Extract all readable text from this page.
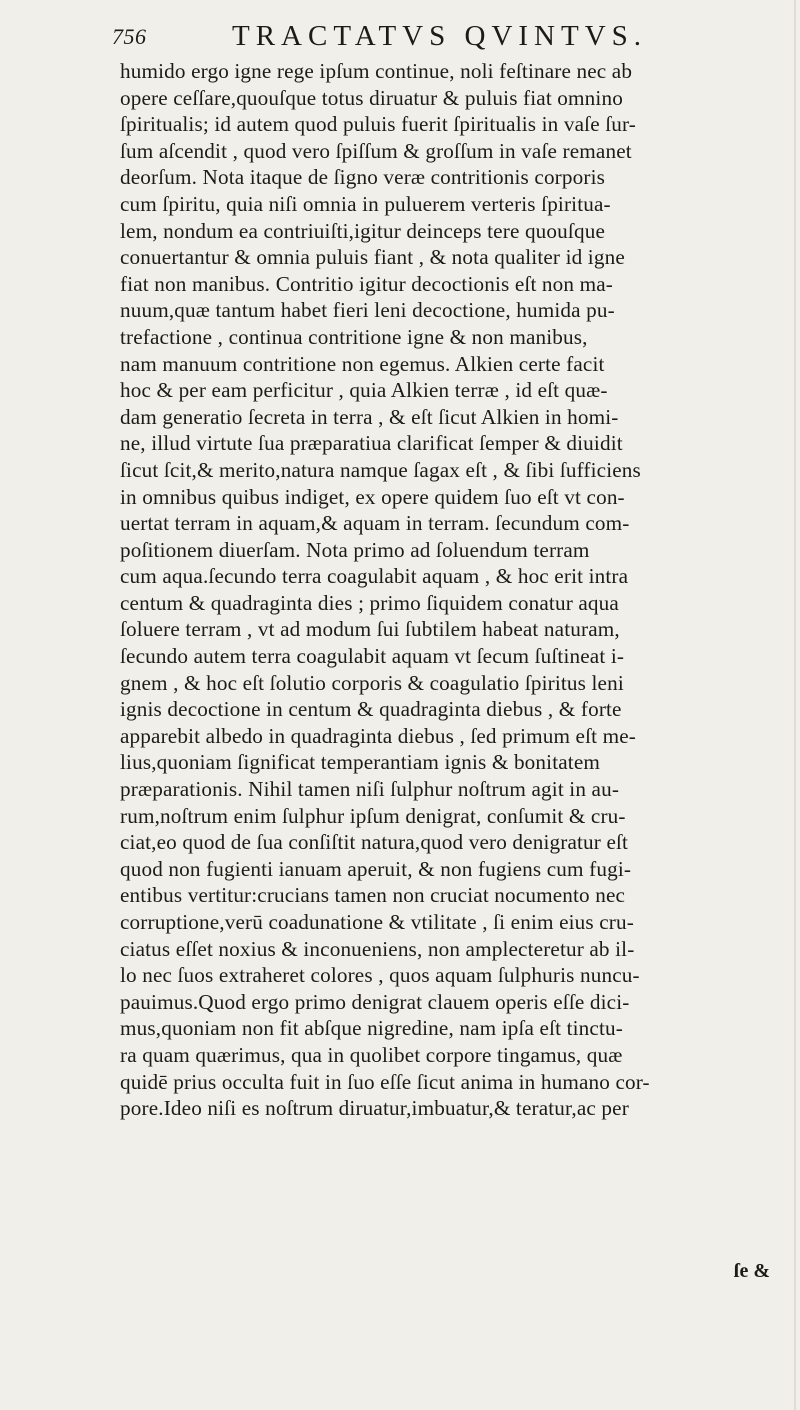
756	TRACTATVS QVINTVS.
humido ergo igne rege ipſum continue, noli feſtinare nec ab
opere ceſſare,quouſque totus diruatur & puluis fiat omnino
ſpiritualis; id autem quod puluis fuerit ſpiritualis in vaſe ſur-
ſum aſcendit , quod vero ſpiſſum & groſſum in vaſe remanet
deorſum. Nota itaque de ſigno veræ contritionis corporis
cum ſpiritu, quia niſi omnia in puluerem verteris ſpiritua-
lem, nondum ea contriuiſti,igitur deinceps tere quouſque
conuertantur & omnia puluis fiant , & nota qualiter id igne
fiat non manibus. Contritio igitur decoctionis eſt non ma-
nuum,quæ tantum habet fieri leni decoctione, humida pu-
trefactione , continua contritione igne & non manibus,
nam manuum contritione non egemus. Alkien certe facit
hoc & per eam perficitur , quia Alkien terræ , id eſt quæ-
dam generatio ſecreta in terra , & eſt ſicut Alkien in homi-
ne, illud virtute ſua præparatiua clarificat ſemper & diuidit
ſicut ſcit,& merito,natura namque ſagax eſt , & ſibi ſufficiens
in omnibus quibus indiget, ex opere quidem ſuo eſt vt con-
uertat terram in aquam,& aquam in terram. ſecundum com-
poſitionem diuerſam. Nota primo ad ſoluendum terram
cum aqua.ſecundo terra coagulabit aquam , & hoc erit intra
centum & quadraginta dies ; primo ſiquidem conatur aqua
ſoluere terram , vt ad modum ſui ſubtilem habeat naturam,
ſecundo autem terra coagulabit aquam vt ſecum ſuſtineat i-
gnem , & hoc eſt ſolutio corporis & coagulatio ſpiritus leni
ignis decoctione in centum & quadraginta diebus , & forte
apparebit albedo in quadraginta diebus , ſed primum eſt me-
lius,quoniam ſignificat temperantiam ignis & bonitatem
præparationis. Nihil tamen niſi ſulphur noſtrum agit in au-
rum,noſtrum enim ſulphur ipſum denigrat, conſumit & cru-
ciat,eo quod de ſua conſiſtit natura,quod vero denigratur eſt
quod non fugienti ianuam aperuit, & non fugiens cum fugi-
entibus vertitur:crucians tamen non cruciat nocumento nec
corruptione,verū coadunatione & vtilitate , ſi enim eius cru-
ciatus eſſet noxius & inconueniens, non amplecteretur ab il-
lo nec ſuos extraheret colores , quos aquam ſulphuris nuncu-
pauimus.Quod ergo primo denigrat clauem operis eſſe dici-
mus,quoniam non fit abſque nigredine, nam ipſa eſt tinctu-
ra quam quærimus, qua in quolibet corpore tingamus, quæ
quidē prius occulta fuit in ſuo eſſe ſicut anima in humano cor-
pore.Ideo niſi es noſtrum diruatur,imbuatur,& teratur,ac per
ſe &
